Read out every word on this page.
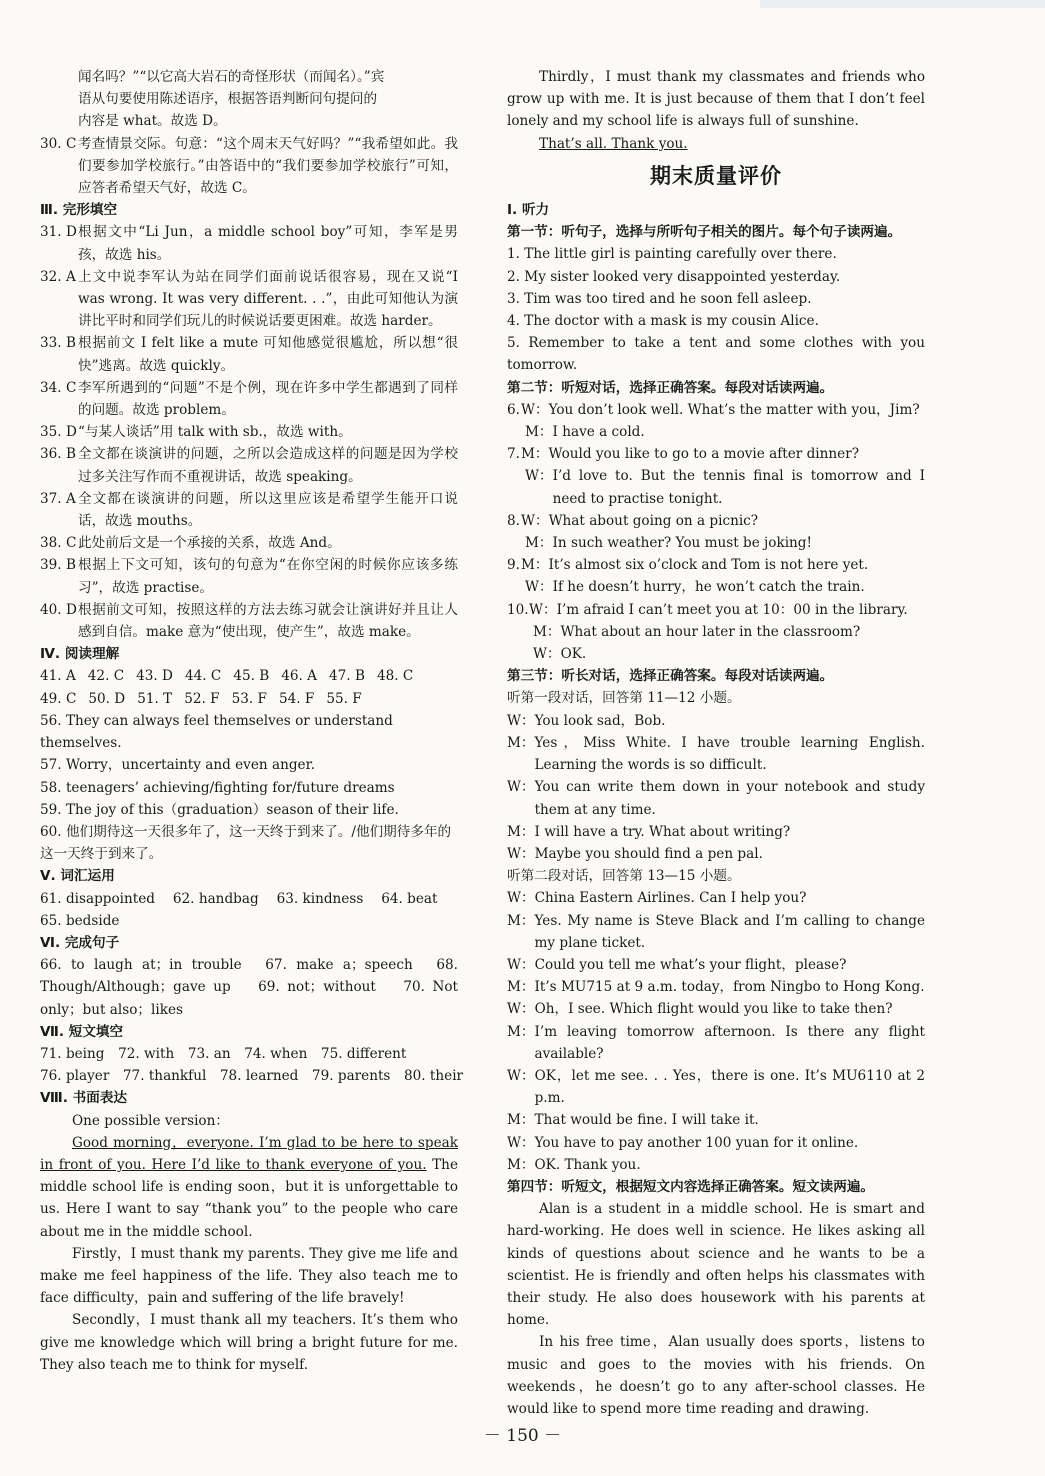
闻名吗？”“以它高大岩石的奇怪形状（而闻名）。”宾
语从句要使用陈述语序，根据答语判断问句提问的
内容是 what。故选 D。
30. C 考查情景交际。句意：“这个周末天气好吗？”“我希望如此。我们要参加学校旅行。”由答语中的“我们要参加学校旅行”可知，应答者希望天气好，故选 C。
Ⅲ. 完形填空
31. D 根据文中“Li Jun，a middle school boy”可知，李军是男孩，故选 his。
32. A 上文中说李军认为站在同学们面前说话很容易，现在又说“I was wrong. It was very different. . .”，由此可知他认为演讲比平时和同学们玩儿的时候说话要更困难。故选 harder。
33. B 根据前文 I felt like a mute 可知他感觉很尴尬，所以想“很快”逃离。故选 quickly。
34. C 李军所遇到的“问题”不是个例，现在许多中学生都遇到了同样的问题。故选 problem。
35. D “与某人谈话”用 talk with sb.，故选 with。
36. B 全文都在谈演讲的问题，之所以会造成这样的问题是因为学校过多关注写作而不重视讲话，故选 speaking。
37. A 全文都在谈演讲的问题，所以这里应该是希望学生能开口说话，故选 mouths。
38. C 此处前后文是一个承接的关系，故选 And。
39. B 根据上下文可知，该句的句意为“在你空闲的时候你应该多练习”，故选 practise。
40. D 根据前文可知，按照这样的方法去练习就会让演讲好并且让人感到自信。make 意为“使出现，使产生”，故选 make。
Ⅳ. 阅读理解
41. A 42. C 43. D 44. C 45. B 46. A 47. B 48. C
49. C 50. D 51. T 52. F 53. F 54. F 55. F
56. They can always feel themselves or understand themselves.
57. Worry，uncertainty and even anger.
58. teenagers’ achieving/fighting for/future dreams
59. The joy of this（graduation）season of their life.
60. 他们期待这一天很多年了，这一天终于到来了。/他们期待多年的这一天终于到来了。
Ⅴ. 词汇运用
61. disappointed　 62. handbag　 63. kindness　 64. beat
65. bedside
Ⅵ. 完成句子
66. to laugh at；in trouble　67. make a；speech　68. Though/Although；gave up　 69. not；without　 70. Not only；but also；likes
Ⅶ. 短文填空
71. being　72. with　73. an　74. when　75. different
76. player　77. thankful　78. learned　79. parents　80. their
Ⅷ. 书面表达
One possible version：
Good morning，everyone. I’m glad to be here to speak in front of you. Here I’d like to thank everyone of you. The middle school life is ending soon，but it is unforgettable to us. Here I want to say “thank you” to the people who care about me in the middle school.
Firstly，I must thank my parents. They give me life and make me feel happiness of the life. They also teach me to face difficulty，pain and suffering of the life bravely!
Secondly，I must thank all my teachers. It’s them who give me knowledge which will bring a bright future for me. They also teach me to think for myself.
Thirdly，I must thank my classmates and friends who grow up with me. It is just because of them that I don’t feel lonely and my school life is always full of sunshine.
That’s all. Thank you.
期末质量评价
Ⅰ. 听力
第一节：听句子，选择与所听句子相关的图片。每个句子读两遍。
1. The little girl is painting carefully over there.
2. My sister looked very disappointed yesterday.
3. Tim was too tired and he soon fell asleep.
4. The doctor with a mask is my cousin Alice.
5. Remember to take a tent and some clothes with you tomorrow.
第二节：听短对话，选择正确答案。每段对话读两遍。
6. W： You don’t look well. What’s the matter with you，Jim?
M： I have a cold.
7. M： Would you like to go to a movie after dinner?
W： I’d love to. But the tennis final is tomorrow and I need to practise tonight.
8. W： What about going on a picnic?
M： In such weather? You must be joking!
9. M： It’s almost six o’clock and Tom is not here yet.
W： If he doesn’t hurry，he won’t catch the train.
10. W： I’m afraid I can’t meet you at 10：00 in the library.
M： What about an hour later in the classroom?
W： OK.
第三节：听长对话，选择正确答案。每段对话读两遍。
听第一段对话，回答第 11—12 小题。
W： You look sad，Bob.
M： Yes，Miss White. I have trouble learning English. Learning the words is so difficult.
W： You can write them down in your notebook and study them at any time.
M： I will have a try. What about writing?
W： Maybe you should find a pen pal.
听第二段对话，回答第 13—15 小题。
W： China Eastern Airlines. Can I help you?
M： Yes. My name is Steve Black and I’m calling to change my plane ticket.
W： Could you tell me what’s your flight，please?
M： It’s MU715 at 9 a.m. today，from Ningbo to Hong Kong.
W： Oh，I see. Which flight would you like to take then?
M： I’m leaving tomorrow afternoon. Is there any flight available?
W： OK，let me see. . . Yes，there is one. It’s MU6110 at 2 p.m.
M： That would be fine. I will take it.
W： You have to pay another 100 yuan for it online.
M： OK. Thank you.
第四节：听短文，根据短文内容选择正确答案。短文读两遍。
Alan is a student in a middle school. He is smart and hard-working. He does well in science. He likes asking all kinds of questions about science and he wants to be a scientist. He is friendly and often helps his classmates with their study. He also does housework with his parents at home.
In his free time，Alan usually does sports，listens to music and goes to the movies with his friends. On weekends，he doesn’t go to any after-school classes. He would like to spend more time reading and drawing.
－ 150 －
